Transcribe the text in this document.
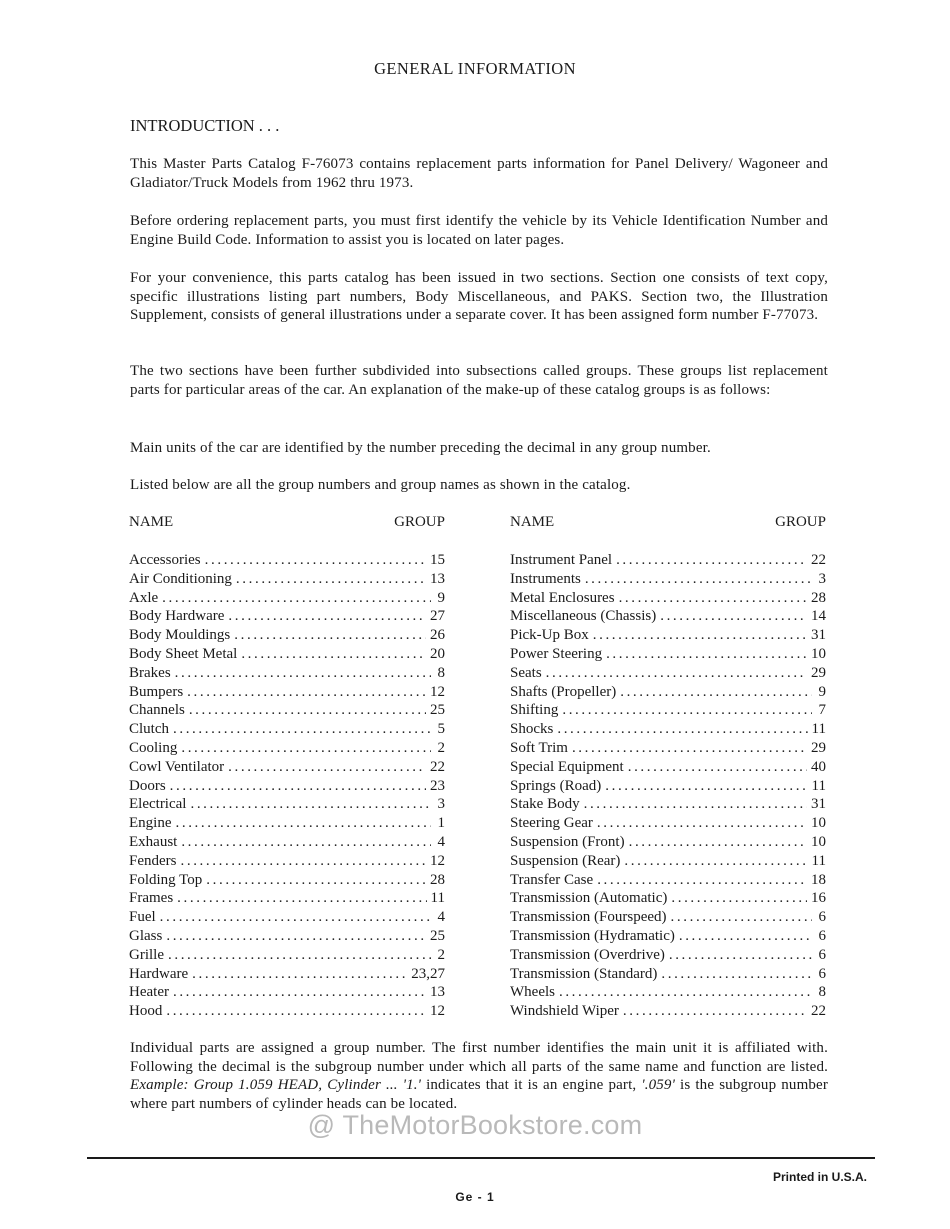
GENERAL INFORMATION
INTRODUCTION . . .

This Master Parts Catalog F-76073 contains replacement parts information for Panel Delivery/ Wagoneer and Gladiator/Truck Models from 1962 thru 1973.

Before ordering replacement parts, you must first identify the vehicle by its Vehicle Identification Number and Engine Build Code. Information to assist you is located on later pages.

For your convenience, this parts catalog has been issued in two sections. Section one consists of text copy, specific illustrations listing part numbers, Body Miscellaneous, and PAKS. Section two, the Illustration Supplement, consists of general illustrations under a separate cover. It has been assigned form number F-77073.

The two sections have been further subdivided into subsections called groups. These groups list replacement parts for particular areas of the car. An explanation of the make-up of these catalog groups is as follows:

Main units of the car are identified by the number preceding the decimal in any group number.

Listed below are all the group numbers and group names as shown in the catalog.

NAME	GROUP
Accessories .....	15
Air Conditioning .....	13
Axle .....	9
Body Hardware .....	27
Body Mouldings .....	26
Body Sheet Metal .....	20
Brakes .....	8
Bumpers .....	12
Channels .....	25
Clutch .....	5
Cooling .....	2
Cowl Ventilator .....	22
Doors .....	23
Electrical .....	3
Engine .....	1
Exhaust .....	4
Fenders .....	12
Folding Top .....	28
Frames .....	11
Fuel .....	4
Glass .....	25
Grille .....	2
Hardware .....	23,27
Heater .....	13
Hood .....	12
NAME	GROUP
Instrument Panel .....	22
Instruments .....	3
Metal Enclosures .....	28
Miscellaneous (Chassis) .....	14
Pick-Up Box .....	31
Power Steering .....	10
Seats .....	29
Shafts (Propeller) .....	9
Shifting .....	7
Shocks .....	11
Soft Trim .....	29
Special Equipment .....	40
Springs (Road) .....	11
Stake Body .....	31
Steering Gear .....	10
Suspension (Front) .....	10
Suspension (Rear) .....	11
Transfer Case .....	18
Transmission (Automatic) .....	16
Transmission (Fourspeed) .....	6
Transmission (Hydramatic) .....	6
Transmission (Overdrive) .....	6
Transmission (Standard) .....	6
Wheels .....	8
Windshield Wiper .....	22

Individual parts are assigned a group number. The first number identifies the main unit it is affiliated with. Following the decimal is the subgroup number under which all parts of the same name and function are listed. Example: Group 1.059 HEAD, Cylinder ... '1.' indicates that it is an engine part, '.059' is the subgroup number where part numbers of cylinder heads can be located.

@ TheMotorBookstore.com
Printed in U.S.A.
Ge - 1
